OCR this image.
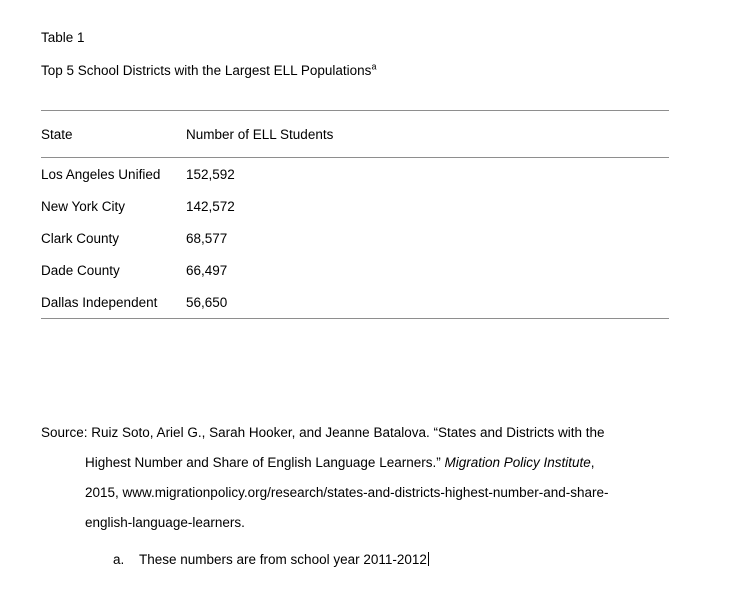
Table 1
Top 5 School Districts with the Largest ELL Populations$^a$
State	Number of ELL Students
Los Angeles Unified	152,592
New York City	142,572
Clark County	68,577
Dade County	66,497
Dallas Independent	56,650

Source: Ruiz Soto, Ariel G., Sarah Hooker, and Jeanne Batalova. “States and Districts with the

Highest Number and Share of English Language Learners.” Migration Policy Institute,

2015, www.migrationpolicy.org/research/states-and-districts-highest-number-and-share-

english-language-learners.

a.	These numbers are from school year 2011-2012
